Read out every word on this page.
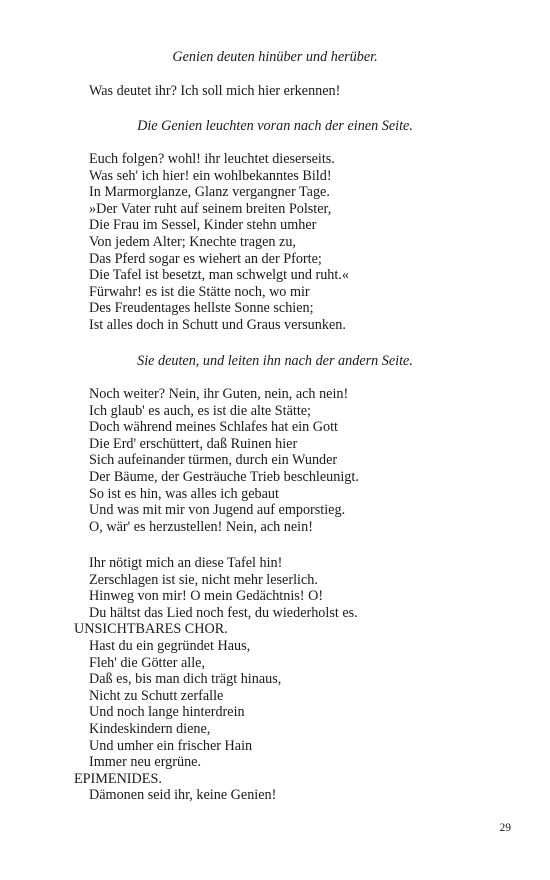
Genien deuten hinüber und herüber.
Was deutet ihr? Ich soll mich hier erkennen!
Die Genien leuchten voran nach der einen Seite.
Euch folgen? wohl! ihr leuchtet dieserseits.
Was seh' ich hier! ein wohlbekanntes Bild!
In Marmorglanze, Glanz vergangner Tage.
»Der Vater ruht auf seinem breiten Polster,
Die Frau im Sessel, Kinder stehn umher
Von jedem Alter; Knechte tragen zu,
Das Pferd sogar es wiehert an der Pforte;
Die Tafel ist besetzt, man schwelgt und ruht.«
Fürwahr! es ist die Stätte noch, wo mir
Des Freudentages hellste Sonne schien;
Ist alles doch in Schutt und Graus versunken.
Sie deuten, und leiten ihn nach der andern Seite.
Noch weiter? Nein, ihr Guten, nein, ach nein!
Ich glaub' es auch, es ist die alte Stätte;
Doch während meines Schlafes hat ein Gott
Die Erd' erschüttert, daß Ruinen hier
Sich aufeinander türmen, durch ein Wunder
Der Bäume, der Gesträuche Trieb beschleunigt.
So ist es hin, was alles ich gebaut
Und was mit mir von Jugend auf emporstieg.
O, wär' es herzustellen! Nein, ach nein!
Ihr nötigt mich an diese Tafel hin!
Zerschlagen ist sie, nicht mehr leserlich.
Hinweg von mir! O mein Gedächtnis! O!
Du hältst das Lied noch fest, du wiederholst es.
UNSICHTBARES CHOR.
Hast du ein gegründet Haus,
Fleh' die Götter alle,
Daß es, bis man dich trägt hinaus,
Nicht zu Schutt zerfalle
Und noch lange hinterdrein
Kindeskindern diene,
Und umher ein frischer Hain
Immer neu ergrüne.
EPIMENIDES.
Dämonen seid ihr, keine Genien!
29
